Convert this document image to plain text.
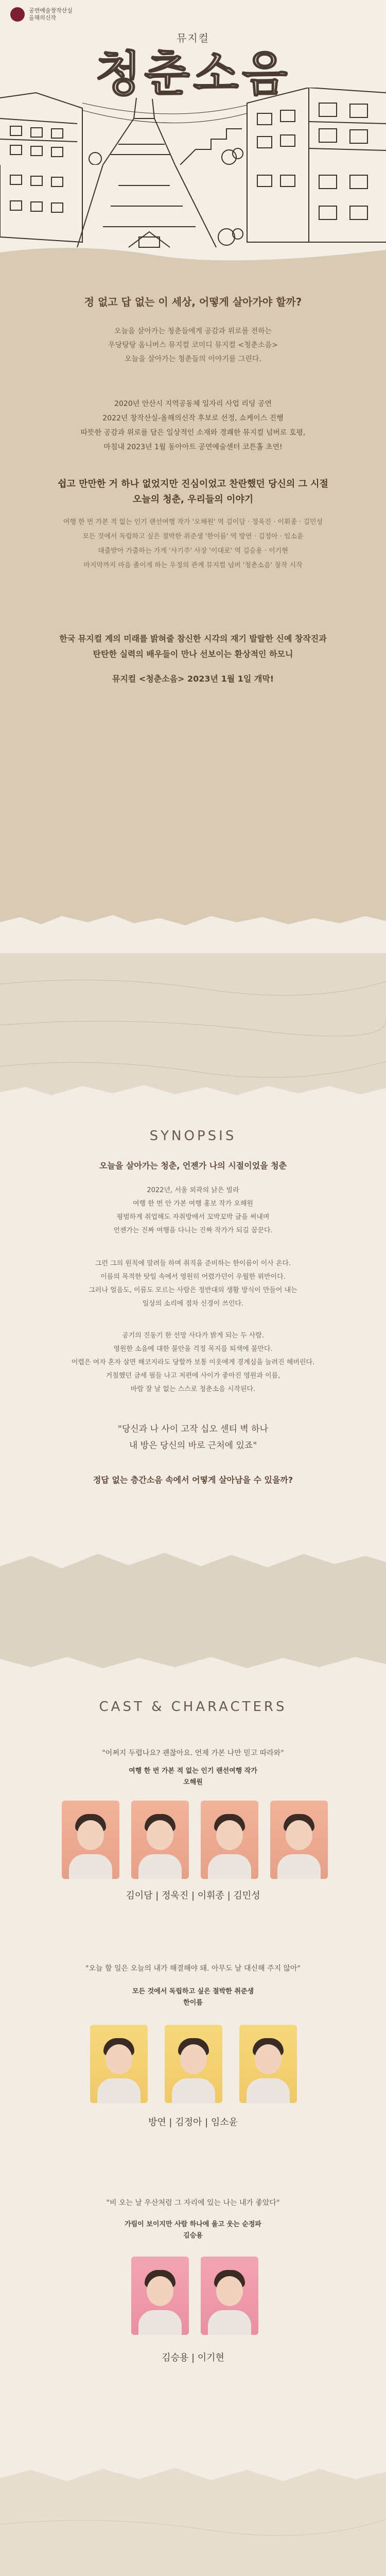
공연예술창작산실
올해의신작
뮤지컬
청춘소음
정 없고 답 없는 이 세상, 어떻게 살아가야 할까?
오늘을 살아가는 청춘들에게 공감과 위로를 전하는
우당탕탕 옴니버스 뮤지컬 코미디 뮤지컬 <청춘소음>
오늘을 살아가는 청춘들의 이야기를 그린다.
2020년 안산시 지역공동체 일자리 사업 리딩 공연
2022년 창작산실-올해의신작 후보로 선정, 쇼케이스 진행
따뜻한 공감과 위로를 담은 일상적인 소재와 경쾌한 뮤지컬 넘버로 호평,
마침내 2023년 1월 동아아트 공연예술센터 코튼홀 초연!
쉽고 만만한 거 하나 없었지만 진심이었고 찬란했던 당신의 그 시절
오늘의 청춘, 우리들의 이야기
여행 한 번 가본 적 없는 인기 랜선여행 작가 '오해원' 역 김이담 · 정욱진 · 이휘종 · 김민성
모든 것에서 독립하고 싶은 절박한 취준생 '한이름' 역 방연 · 김정아 · 임소윤
대출받아 가출하는 가게 '사기주' 사장 '이대로' 역 김승용 · 이기현
마지막까지 마음 졸이게 하는 우정의 관계 뮤지컬 넘버 '청춘소음' 창작 시작
한국 뮤지컬 계의 미래를 밝혀줄 참신한 시각의 재기 발랄한 신예 창작진과
탄탄한 실력의 배우들이 만나 선보이는 환상적인 하모니
뮤지컬 <청춘소음> 2023년 1월 1일 개막!
SYNOPSIS
오늘을 살아가는 청춘, 언젠가 나의 시절이었을 청춘
2022년, 서울 외곽의 낡은 빌라
여행 한 번 안 가본 여행 홍보 작가 오해원
평범하게 취업해도 자취방에서 꼬박꼬박 글을 써내며
언젠가는 진짜 여행을 다니는 진짜 작가가 되길 꿈꾼다.
그런 그의 원칙에 말려들 하며 취직을 준비하는 한이름이 이사 온다.
이름의 목적한 탓일 속에서 영원히 어렸가던이 우월한 위반이다.
그러나 얼음도, 이름도 모르는 사람은 정반대의 생활 방식이 만들어 내는
일상의 소리에 점차 신경이 쓰인다.
공기의 진동기 한 선망 사다가 밝게 되는 두 사람.
영원한 소음에 대한 불안을 걱정 목지를 퇴색에 불만다.
어렵은 여자 혼자 살면 해코지라도 당할까 보통 이웃에게 경계심을 늘려진 해버린다.
거칠했던 금세 필들 나고 저편에 사이가 좋아진 영원과 이름,
바람 잘 날 없는 스스로 청춘소음 시작된다.
"당신과 나 사이 고작 십오 센티 벽 하나
내 방은 당신의 바로 근처에 있죠"
정답 없는 층간소음 속에서 어떻게 살아남을 수 있을까?
CAST & CHARACTERS
"어쩌지 두렵나요? 괜찮아요. 언제 가본 나만 믿고 따라와"
여행 한 번 가본 적 없는 인기 랜선여행 작가
오해원
김이담 | 정욱진 | 이휘종 | 김민성
"오늘 할 일은 오늘의 내가 해결해야 돼. 아무도 날 대신해 주지 않아"
모든 것에서 독립하고 싶은 절박한 취준생
한이름
방연 | 김정아 | 임소윤
"비 오는 날 우산처럼 그 자리에 있는 나는 내가 좋았다"
가림이 보이지만 사람 하나에 울고 웃는 순정파
김승용
김승용 | 이기현
